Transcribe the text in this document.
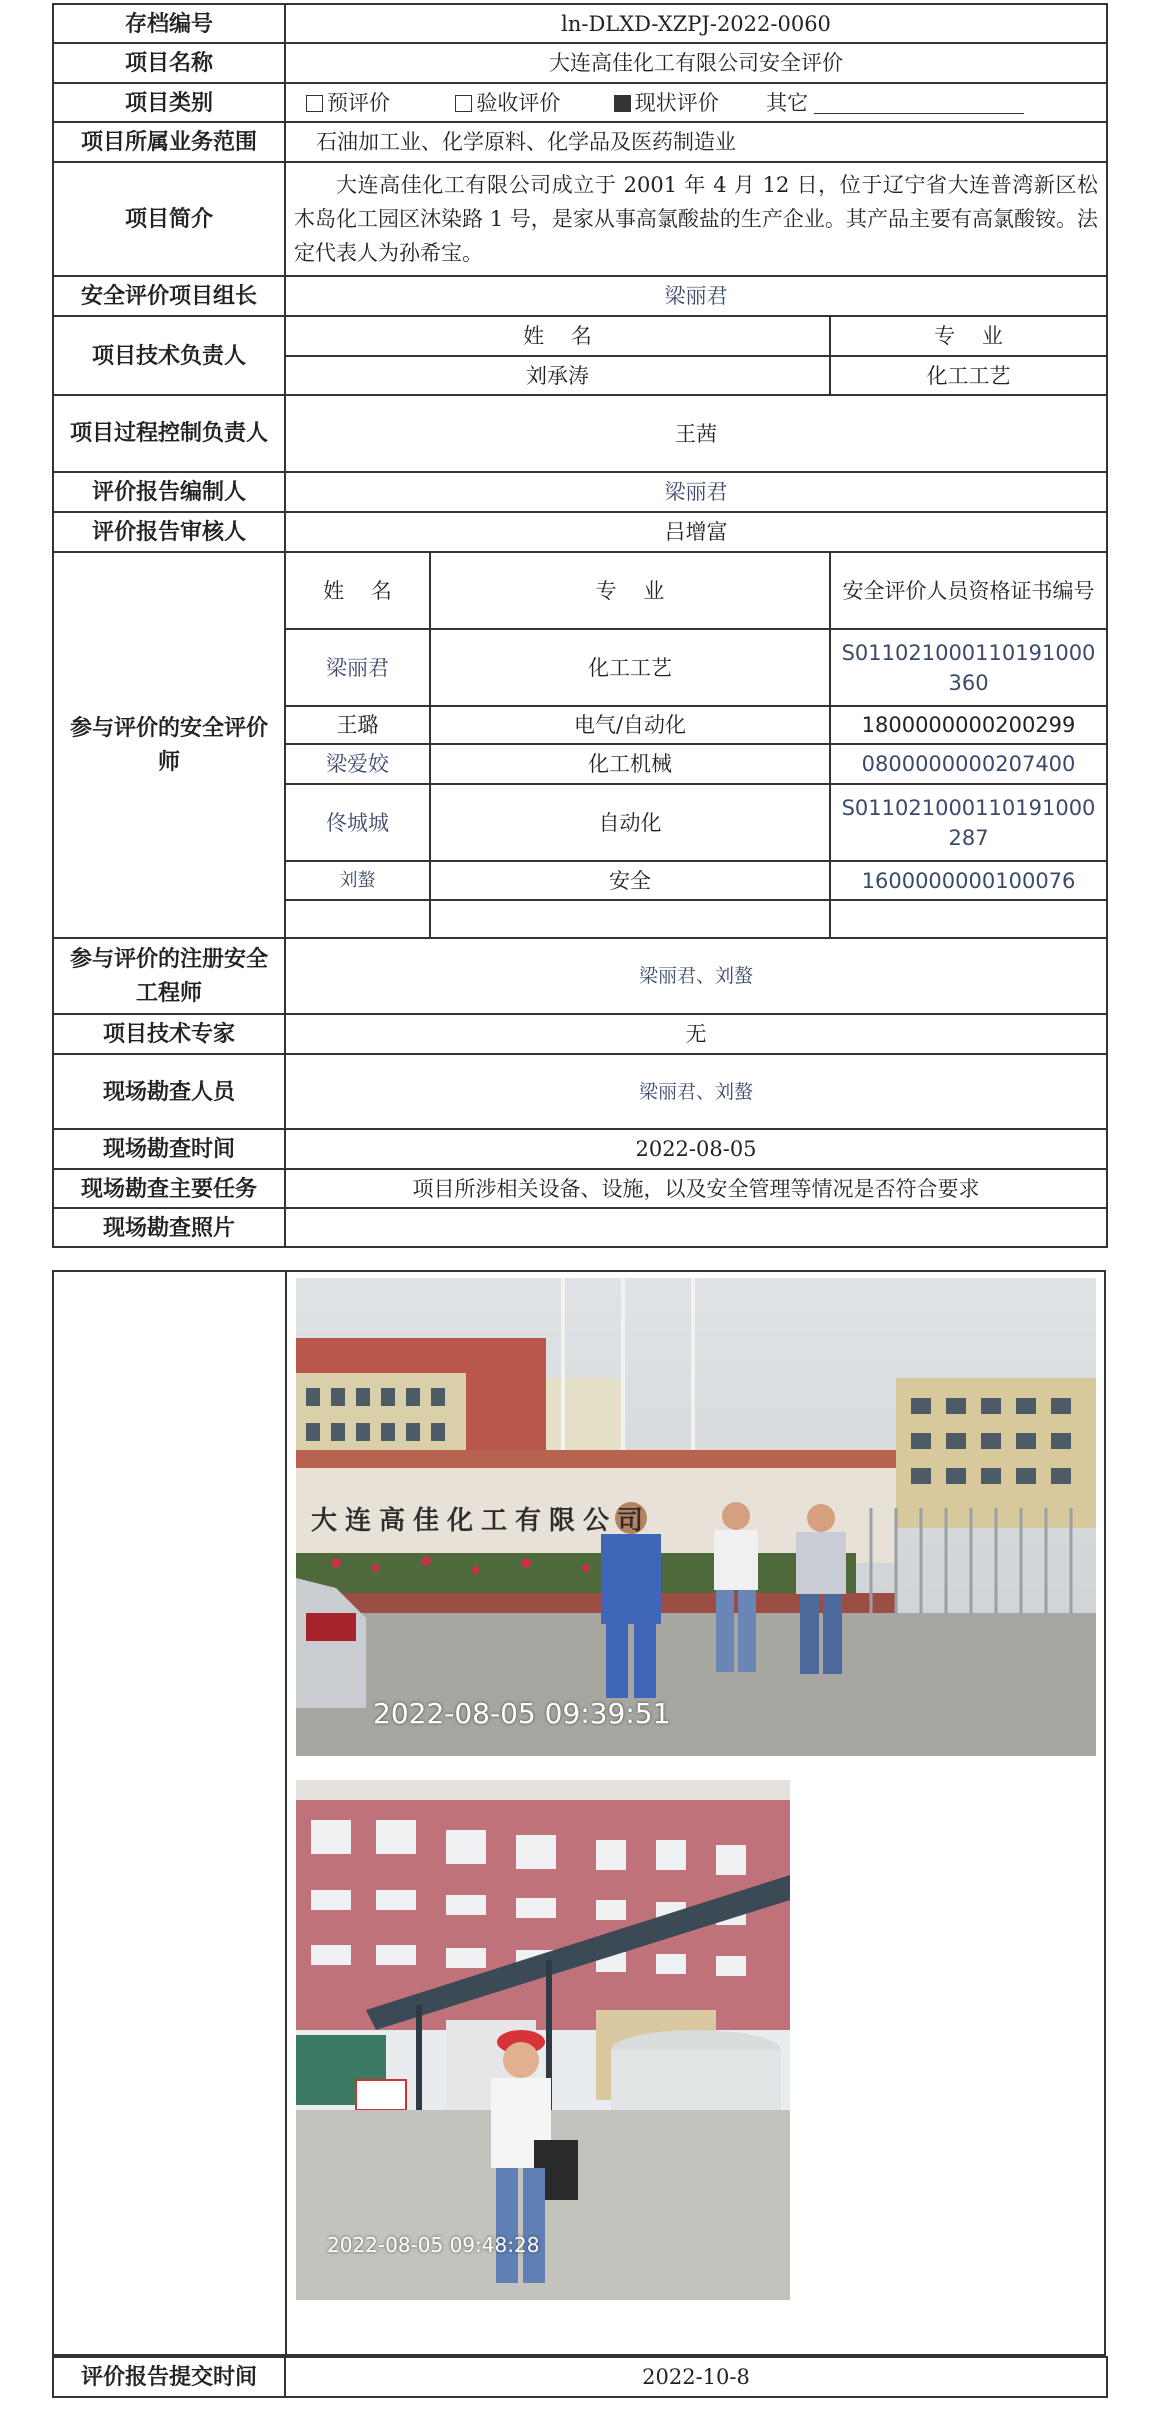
存档编号	ln-DLXD-XZPJ-2022-0060		
项目名称	大连高佳化工有限公司安全评价		
项目类别	预评价 验收评价 现状评价 其它		
项目所属业务范围	石油加工业、化学原料、化学品及医药制造业		
项目简介	大连高佳化工有限公司成立于 2001 年 4 月 12 日，位于辽宁省大连普湾新区松木岛化工园区沐染路 1 号，是家从事高氯酸盐的生产企业。其产品主要有高氯酸铵。法定代表人为孙希宝。		
安全评价项目组长	梁丽君		
项目技术负责人	姓    名		专    业
	刘承涛		化工工艺
项目过程控制负责人	王茜		
评价报告编制人	梁丽君		
评价报告审核人	吕增富		
参与评价的安全评价师	姓    名	专    业	安全评价人员资格证书编号
	梁丽君	化工工艺	S011021000110191000360
	王璐	电气/自动化	1800000000200299
	梁爱姣	化工机械	0800000000207400
	佟城城	自动化	S011021000110191000287
	刘螯	安全	1600000000100076

参与评价的注册安全工程师	梁丽君、刘螯		
项目技术专家	无		
现场勘查人员	梁丽君、刘螯		
现场勘查时间	2022-08-05		
现场勘查主要任务	项目所涉相关设备、设施，以及安全管理等情况是否符合要求		
现场勘查照片			
大连高佳化工有限公司
2022-08-05 09:39:51
2022-08-05 09:48:28
评价报告提交时间	2022-10-8
